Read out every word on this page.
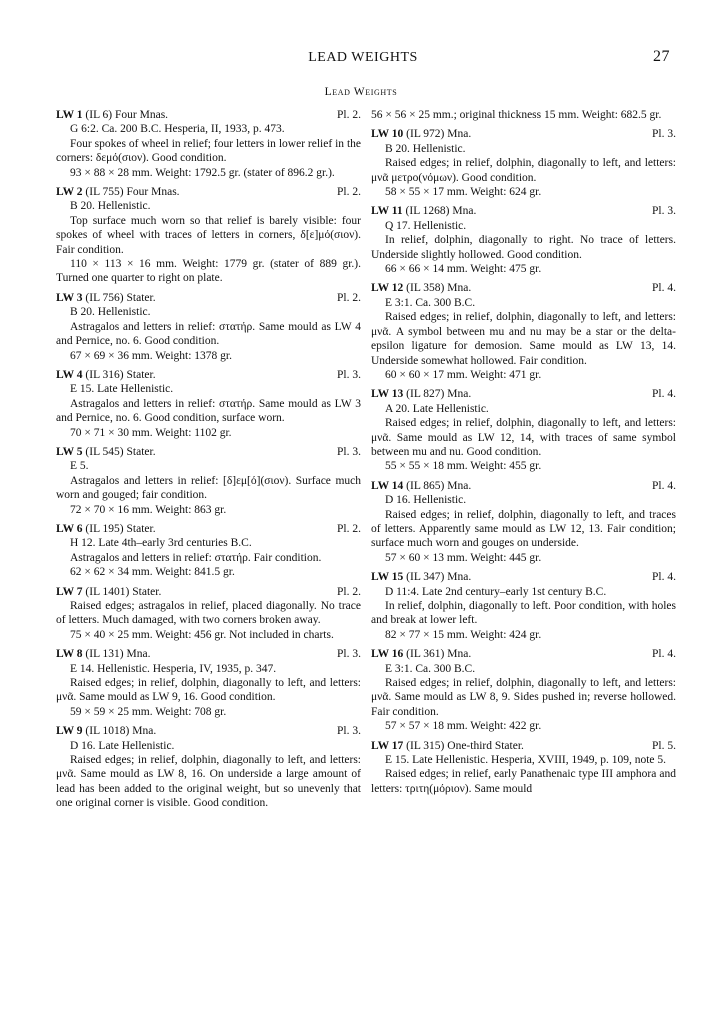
LEAD WEIGHTS	27
Lead Weights
LW 1 (IL 6) Four Mnas.	Pl. 2.

G 6:2. Ca. 200 B.C. Hesperia, II, 1933, p. 473.

Four spokes of wheel in relief; four letters in lower relief in the corners: δεμό(σιον). Good condition.

93 × 88 × 28 mm. Weight: 1792.5 gr. (stater of 896.2 gr.).

LW 2 (IL 755) Four Mnas.	Pl. 2.

B 20. Hellenistic.

Top surface much worn so that relief is barely visible: four spokes of wheel with traces of letters in corners, δ[ε]μό(σιον). Fair condition.

110 × 113 × 16 mm. Weight: 1779 gr. (stater of 889 gr.). Turned one quarter to right on plate.

LW 3 (IL 756) Stater.	Pl. 2.

B 20. Hellenistic.

Astragalos and letters in relief: στατήρ. Same mould as LW 4 and Pernice, no. 6. Good condition.

67 × 69 × 36 mm. Weight: 1378 gr.

LW 4 (IL 316) Stater.	Pl. 3.

E 15. Late Hellenistic.

Astragalos and letters in relief: στατήρ. Same mould as LW 3 and Pernice, no. 6. Good condition, surface worn.

70 × 71 × 30 mm. Weight: 1102 gr.

LW 5 (IL 545) Stater.	Pl. 3.

E 5.

Astragalos and letters in relief: [δ]εμ[ό](σιον). Surface much worn and gouged; fair condition.

72 × 70 × 16 mm. Weight: 863 gr.

LW 6 (IL 195) Stater.	Pl. 2.

H 12. Late 4th–early 3rd centuries B.C.

Astragalos and letters in relief: στατήρ. Fair condition.

62 × 62 × 34 mm. Weight: 841.5 gr.

LW 7 (IL 1401) Stater.	Pl. 2.

Raised edges; astragalos in relief, placed diagonally. No trace of letters. Much damaged, with two corners broken away.

75 × 40 × 25 mm. Weight: 456 gr. Not included in charts.

LW 8 (IL 131) Mna.	Pl. 3.

E 14. Hellenistic. Hesperia, IV, 1935, p. 347.

Raised edges; in relief, dolphin, diagonally to left, and letters: μνᾶ. Same mould as LW 9, 16. Good condition.

59 × 59 × 25 mm. Weight: 708 gr.

LW 9 (IL 1018) Mna.	Pl. 3.

D 16. Late Hellenistic.

Raised edges; in relief, dolphin, diagonally to left, and letters: μνᾶ. Same mould as LW 8, 16. On underside a large amount of lead has been added to the original weight, but so unevenly that one original corner is visible. Good condition.

56 × 56 × 25 mm.; original thickness 15 mm. Weight: 682.5 gr.

LW 10 (IL 972) Mna.	Pl. 3.

B 20. Hellenistic.

Raised edges; in relief, dolphin, diagonally to left, and letters: μνᾶ μετρο(νόμων). Good condition.

58 × 55 × 17 mm. Weight: 624 gr.

LW 11 (IL 1268) Mna.	Pl. 3.

Q 17. Hellenistic.

In relief, dolphin, diagonally to right. No trace of letters. Underside slightly hollowed. Good condition.

66 × 66 × 14 mm. Weight: 475 gr.

LW 12 (IL 358) Mna.	Pl. 4.

E 3:1. Ca. 300 B.C.

Raised edges; in relief, dolphin, diagonally to left, and letters: μνᾶ. A symbol between mu and nu may be a star or the delta-epsilon ligature for demosion. Same mould as LW 13, 14. Underside somewhat hollowed. Fair condition.

60 × 60 × 17 mm. Weight: 471 gr.

LW 13 (IL 827) Mna.	Pl. 4.

A 20. Late Hellenistic.

Raised edges; in relief, dolphin, diagonally to left, and letters: μνᾶ. Same mould as LW 12, 14, with traces of same symbol between mu and nu. Good condition.

55 × 55 × 18 mm. Weight: 455 gr.

LW 14 (IL 865) Mna.	Pl. 4.

D 16. Hellenistic.

Raised edges; in relief, dolphin, diagonally to left, and traces of letters. Apparently same mould as LW 12, 13. Fair condition; surface much worn and gouges on underside.

57 × 60 × 13 mm. Weight: 445 gr.

LW 15 (IL 347) Mna.	Pl. 4.

D 11:4. Late 2nd century–early 1st century B.C.

In relief, dolphin, diagonally to left. Poor condition, with holes and break at lower left.

82 × 77 × 15 mm. Weight: 424 gr.

LW 16 (IL 361) Mna.	Pl. 4.

E 3:1. Ca. 300 B.C.

Raised edges; in relief, dolphin, diagonally to left, and letters: μνᾶ. Same mould as LW 8, 9. Sides pushed in; reverse hollowed. Fair condition.

57 × 57 × 18 mm. Weight: 422 gr.

LW 17 (IL 315) One-third Stater.	Pl. 5.

E 15. Late Hellenistic. Hesperia, XVIII, 1949, p. 109, note 5.

Raised edges; in relief, early Panathenaic type III amphora and letters: τριτη(μόριον). Same mould
